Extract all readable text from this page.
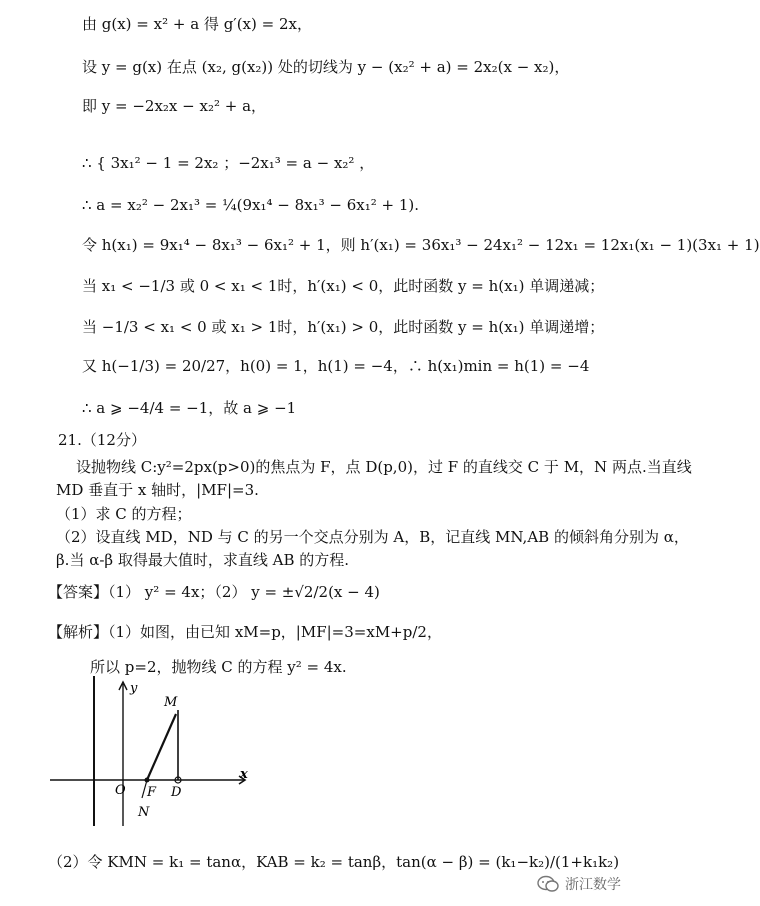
由 g(x) = x² + a 得 g′(x) = 2x，
设 y = g(x) 在点 (x₂, g(x₂)) 处的切线为 y − (x₂² + a) = 2x₂(x − x₂)，
即 y = −2x₂x − x₂² + a，
∴ { 3x₁² − 1 = 2x₂ ；−2x₁³ = a − x₂² ，
∴ a = x₂² − 2x₁³ = ¼(9x₁⁴ − 8x₁³ − 6x₁² + 1).
令 h(x₁) = 9x₁⁴ − 8x₁³ − 6x₁² + 1，则 h′(x₁) = 36x₁³ − 24x₁² − 12x₁ = 12x₁(x₁ − 1)(3x₁ + 1)
当 x₁ < −1/3 或 0 < x₁ < 1时，h′(x₁) < 0，此时函数 y = h(x₁) 单调递减；
当 −1/3 < x₁ < 0 或 x₁ > 1时，h′(x₁) > 0，此时函数 y = h(x₁) 单调递增；
又 h(−1/3) = 20/27，h(0) = 1，h(1) = −4，∴ h(x₁)min = h(1) = −4
∴ a ⩾ −4/4 = −1，故 a ⩾ −1
21.（12分）
设抛物线 C:y²=2px(p>0)的焦点为 F，点 D(p,0)，过 F 的直线交 C 于 M，N 两点.当直线
MD 垂直于 x 轴时，|MF|=3.
（1）求 C 的方程；
（2）设直线 MD，ND 与 C 的另一个交点分别为 A，B，记直线 MN,AB 的倾斜角分别为 α，
β.当 α-β 取得最大值时，求直线 AB 的方程.
【答案】（1） y² = 4x；（2） y = ±√2/2(x − 4)
【解析】（1）如图，由已知 xM=p，|MF|=3=xM+p/2，
所以 p=2，抛物线 C 的方程 y² = 4x.
y
M
O F D
x
N
（2）令 KMN = k₁ = tanα，KAB = k₂ = tanβ，tan(α − β) = (k₁−k₂)/(1+k₁k₂)
浙江数学
